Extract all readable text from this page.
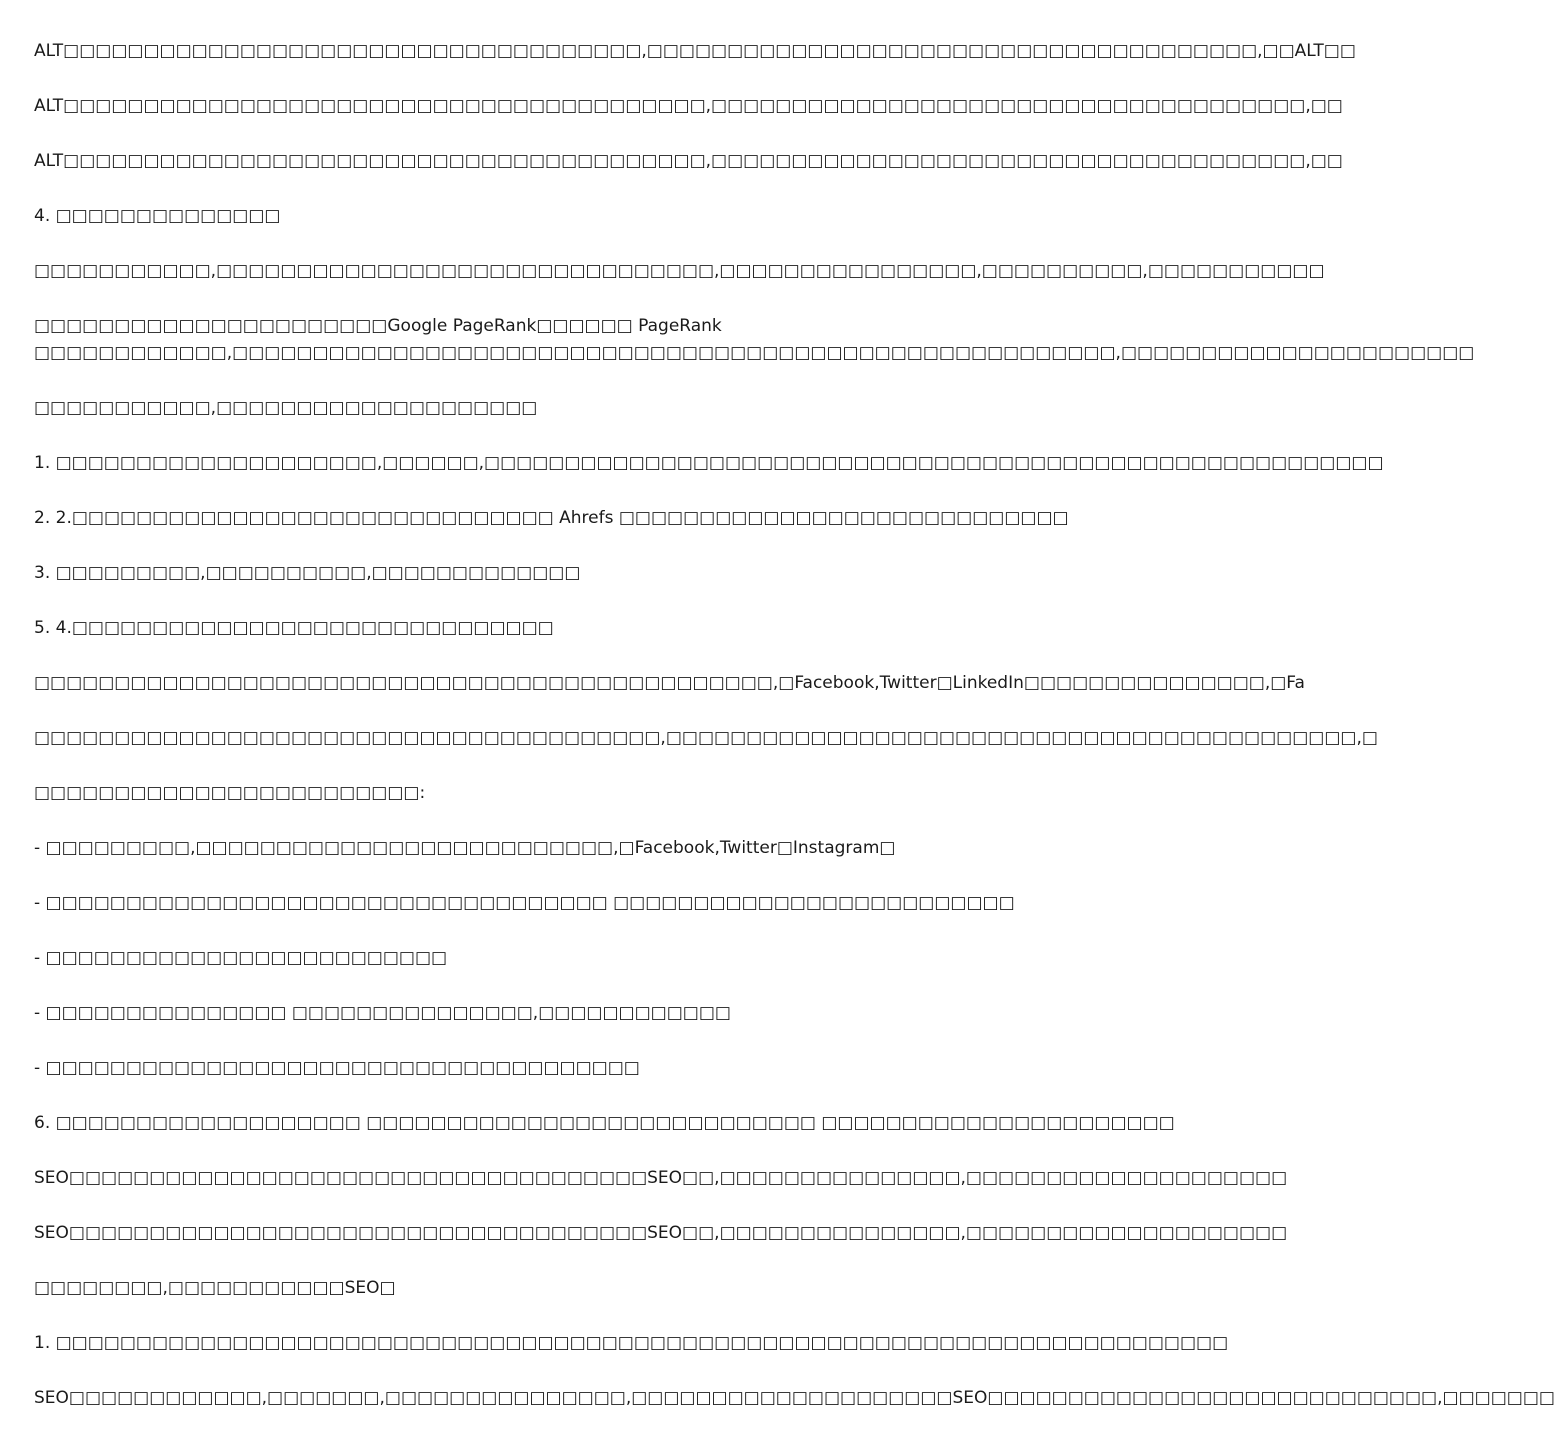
ALT□□□□□□□□□□□□□□□□□□□□□□□□□□□□□□□□□□□□,□□□□□□□□□□□□□□□□□□□□□□□□□□□□□□□□□□□□□□,□□ALT□□

ALT□□□□□□□□□□□□□□□□□□□□□□□□□□□□□□□□□□□□□□□□,□□□□□□□□□□□□□□□□□□□□□□□□□□□□□□□□□□□□□,□□

ALT□□□□□□□□□□□□□□□□□□□□□□□□□□□□□□□□□□□□□□□□,□□□□□□□□□□□□□□□□□□□□□□□□□□□□□□□□□□□□□,□□

4. □□□□□□□□□□□□□□

□□□□□□□□□□□,□□□□□□□□□□□□□□□□□□□□□□□□□□□□□□□,□□□□□□□□□□□□□□□□,□□□□□□□□□□,□□□□□□□□□□□

□□□□□□□□□□□□□□□□□□□□□□Google PageRank□□□□□□ PageRank
□□□□□□□□□□□□,□□□□□□□□□□□□□□□□□□□□□□□□□□□□□□□□□□□□□□□□□□□□□□□□□□□□□□□,□□□□□□□□□□□□□□□□□□□□□□

□□□□□□□□□□□,□□□□□□□□□□□□□□□□□□□□

1. □□□□□□□□□□□□□□□□□□□□,□□□□□□,□□□□□□□□□□□□□□□□□□□□□□□□□□□□□□□□□□□□□□□□□□□□□□□□□□□□□□□□

2. 2.□□□□□□□□□□□□□□□□□□□□□□□□□□□□□□ Ahrefs □□□□□□□□□□□□□□□□□□□□□□□□□□□□

3. □□□□□□□□□,□□□□□□□□□□,□□□□□□□□□□□□□

5. 4.□□□□□□□□□□□□□□□□□□□□□□□□□□□□□□

□□□□□□□□□□□□□□□□□□□□□□□□□□□□□□□□□□□□□□□□□□□□□□,□Facebook,Twitter□LinkedIn□□□□□□□□□□□□□□□,□Fa

□□□□□□□□□□□□□□□□□□□□□□□□□□□□□□□□□□□□□□□,□□□□□□□□□□□□□□□□□□□□□□□□□□□□□□□□□□□□□□□□□□□,□

□□□□□□□□□□□□□□□□□□□□□□□□:

- □□□□□□□□□,□□□□□□□□□□□□□□□□□□□□□□□□□□,□Facebook,Twitter□Instagram□

- □□□□□□□□□□□□□□□□□□□□□□□□□□□□□□□□□□□ □□□□□□□□□□□□□□□□□□□□□□□□□

- □□□□□□□□□□□□□□□□□□□□□□□□□

- □□□□□□□□□□□□□□□ □□□□□□□□□□□□□□□,□□□□□□□□□□□□

- □□□□□□□□□□□□□□□□□□□□□□□□□□□□□□□□□□□□□

6. □□□□□□□□□□□□□□□□□□□ □□□□□□□□□□□□□□□□□□□□□□□□□□□□ □□□□□□□□□□□□□□□□□□□□□□

SEO□□□□□□□□□□□□□□□□□□□□□□□□□□□□□□□□□□□□SEO□□,□□□□□□□□□□□□□□□,□□□□□□□□□□□□□□□□□□□□

SEO□□□□□□□□□□□□□□□□□□□□□□□□□□□□□□□□□□□□SEO□□,□□□□□□□□□□□□□□□,□□□□□□□□□□□□□□□□□□□□

□□□□□□□□,□□□□□□□□□□□SEO□

1. □□□□□□□□□□□□□□□□□□□□□□□□□□□□□□□□□□□□□□□□□□□□□□□□□□□□□□□□□□□□□□□□□□□□□□□□□

SEO□□□□□□□□□□□□,□□□□□□□,□□□□□□□□□□□□□□□,□□□□□□□□□□□□□□□□□□□□SEO□□□□□□□□□□□□□□□□□□□□□□□□□□□□,□□□□□□□
